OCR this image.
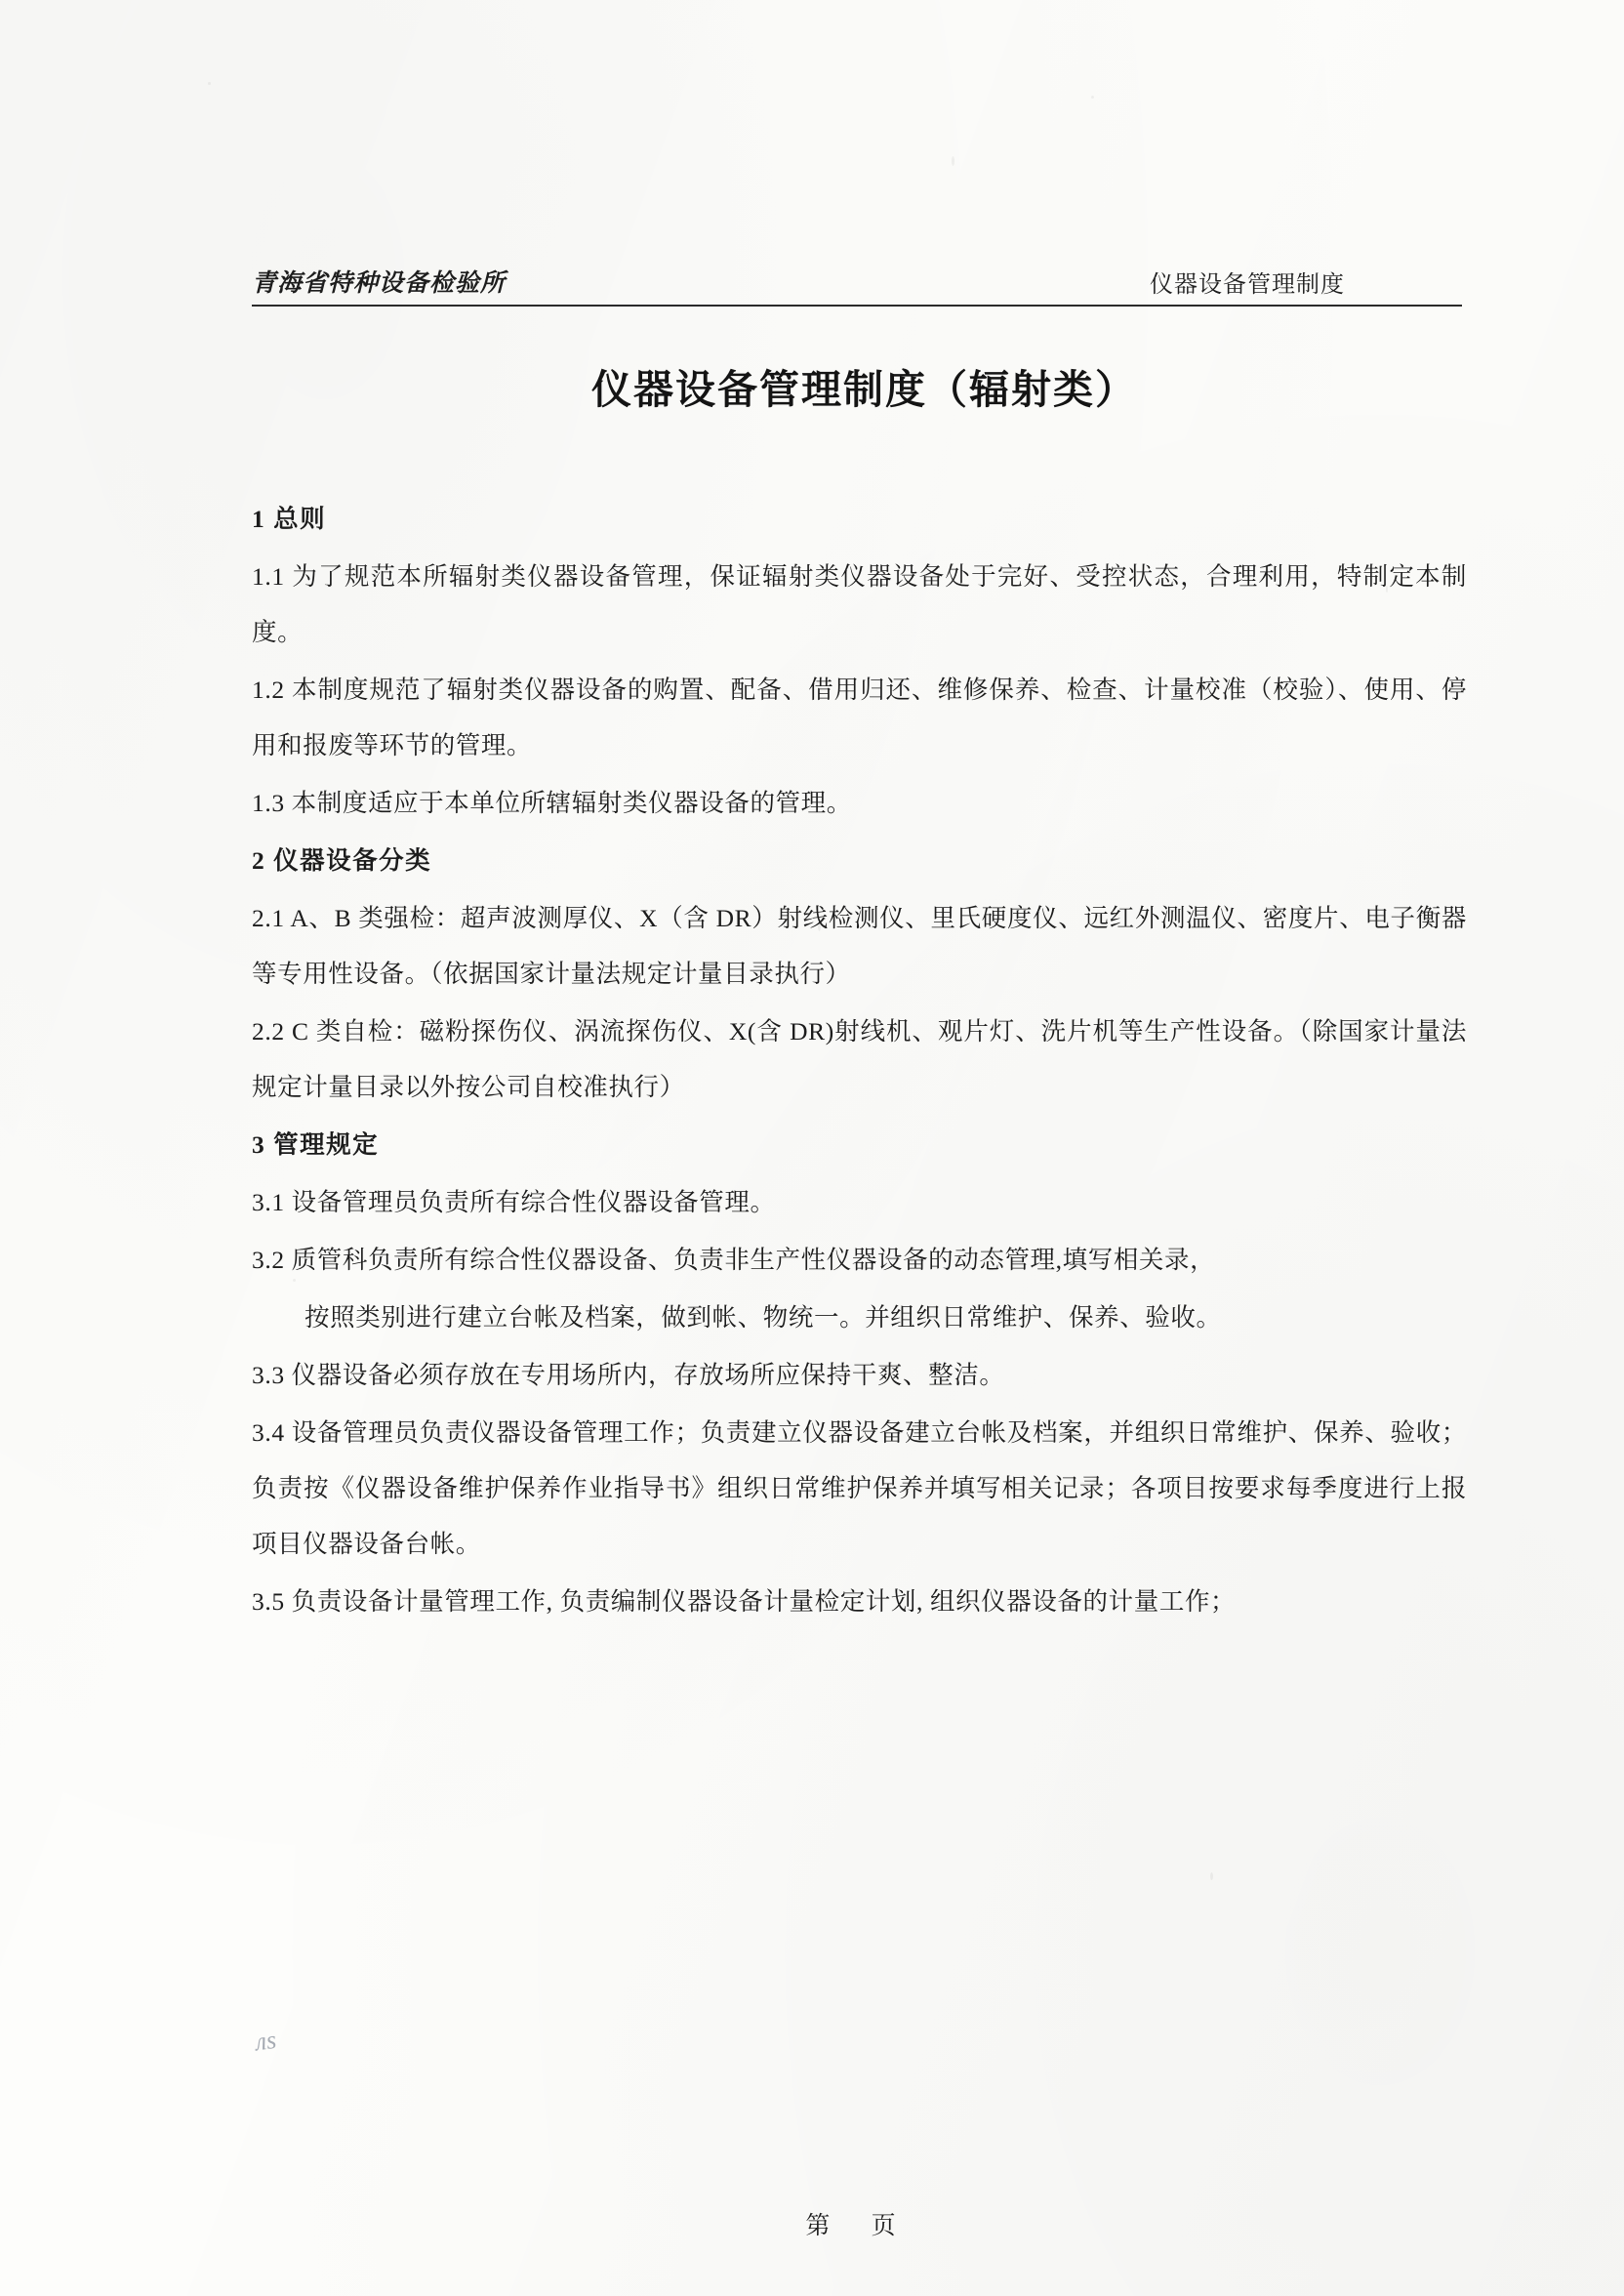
青海省特种设备检验所	仪器设备管理制度
仪器设备管理制度（辐射类）

1 总则

1.1 为了规范本所辐射类仪器设备管理，保证辐射类仪器设备处于完好、受控状态，合理利用，特制定本制度。

1.2 本制度规范了辐射类仪器设备的购置、配备、借用归还、维修保养、检查、计量校准（校验）、使用、停用和报废等环节的管理。

1.3 本制度适应于本单位所辖辐射类仪器设备的管理。

2 仪器设备分类

2.1 A、B 类强检：超声波测厚仪、X（含 DR）射线检测仪、里氏硬度仪、远红外测温仪、密度片、电子衡器等专用性设备。（依据国家计量法规定计量目录执行）

2.2 C 类自检：磁粉探伤仪、涡流探伤仪、X(含 DR)射线机、观片灯、洗片机等生产性设备。（除国家计量法规定计量目录以外按公司自校准执行）

3 管理规定

3.1 设备管理员负责所有综合性仪器设备管理。

3.2 质管科负责所有综合性仪器设备、负责非生产性仪器设备的动态管理,填写相关录，

按照类别进行建立台帐及档案，做到帐、物统一。并组织日常维护、保养、验收。

3.3 仪器设备必须存放在专用场所内，存放场所应保持干爽、整洁。

3.4 设备管理员负责仪器设备管理工作；负责建立仪器设备建立台帐及档案，并组织日常维护、保养、验收；负责按《仪器设备维护保养作业指导书》组织日常维护保养并填写相关记录；各项目按要求每季度进行上报项目仪器设备台帐。

3.5 负责设备计量管理工作, 负责编制仪器设备计量检定计划, 组织仪器设备的计量工作；

第 页
лs
